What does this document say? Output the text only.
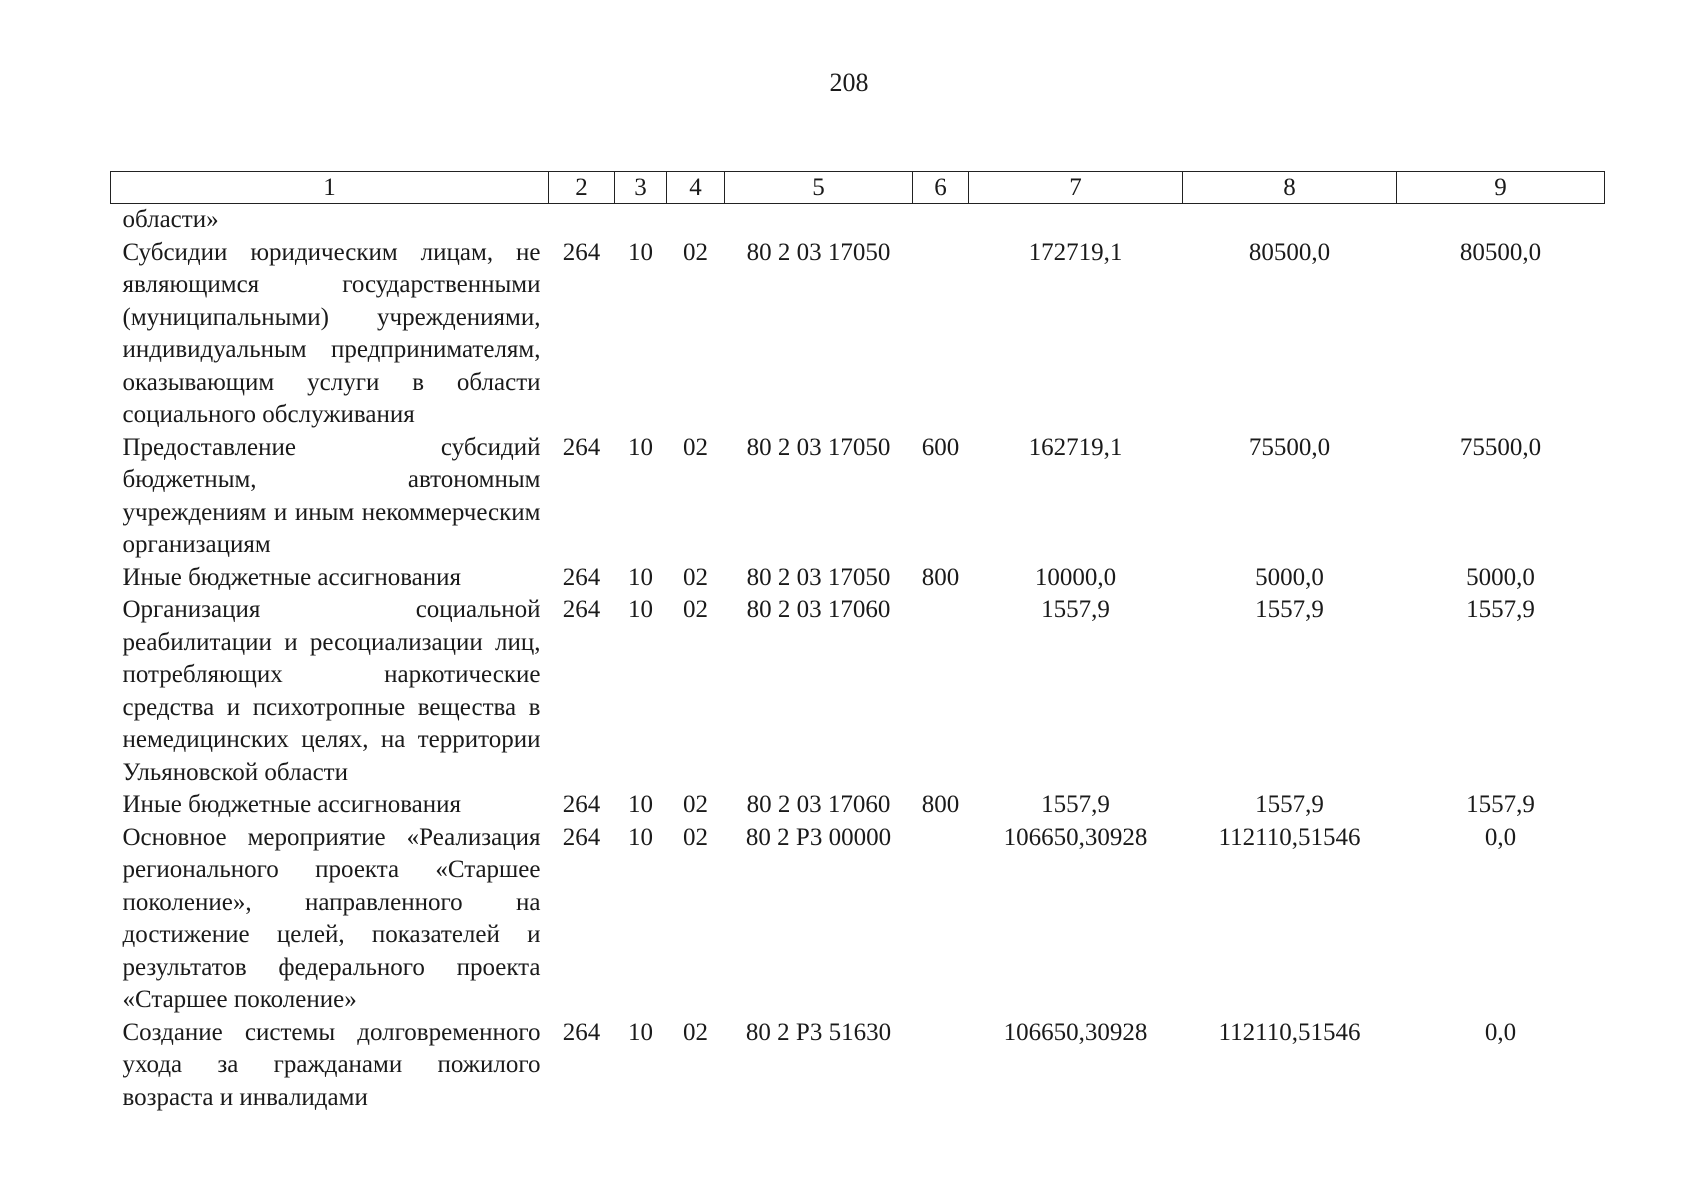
208
1	2	3	4	5	6	7	8	9
области»								
Субсидии юридическим лицам, не являющимся государственными (муниципальными) учреждениями, индивидуальным предпринимателям, оказывающим услуги в области социального обслуживания	264	10	02	80 2 03 17050		172719,1	80500,0	80500,0
Предоставление субсидий бюджетным, автономным учреждениям и иным некоммерческим организациям	264	10	02	80 2 03 17050	600	162719,1	75500,0	75500,0
Иные бюджетные ассигнования	264	10	02	80 2 03 17050	800	10000,0	5000,0	5000,0
Организация социальной реабилитации и ресоциализации лиц, потребляющих наркотические средства и психотропные вещества в немедицинских целях, на территории Ульяновской области	264	10	02	80 2 03 17060		1557,9	1557,9	1557,9
Иные бюджетные ассигнования	264	10	02	80 2 03 17060	800	1557,9	1557,9	1557,9
Основное мероприятие «Реализация регионального проекта «Старшее поколение», направленного на достижение целей, показателей и результатов федерального проекта «Старшее поколение»	264	10	02	80 2 Р3 00000		106650,30928	112110,51546	0,0
Создание системы долговременного ухода за гражданами пожилого возраста и инвалидами	264	10	02	80 2 Р3 51630		106650,30928	112110,51546	0,0
